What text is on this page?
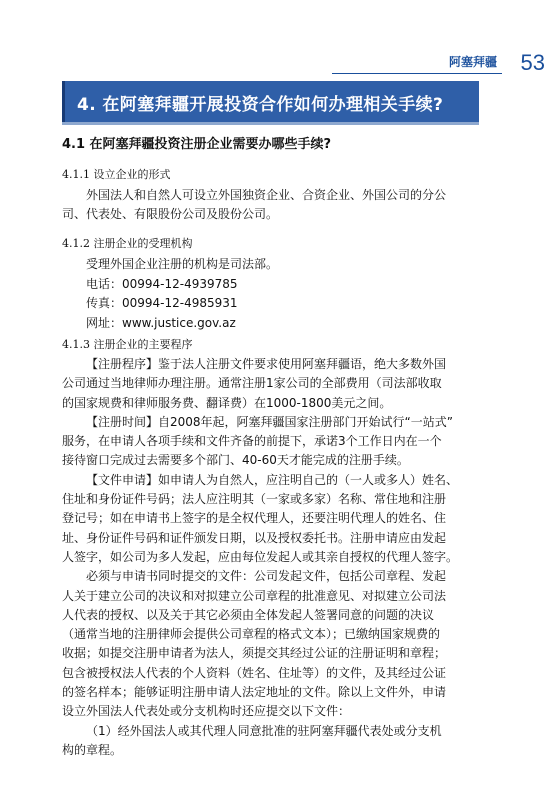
阿塞拜疆 53
4. 在阿塞拜疆开展投资合作如何办理相关手续?
4.1 在阿塞拜疆投资注册企业需要办哪些手续?
4.1.1 设立企业的形式

外国法人和自然人可设立外国独资企业、合资企业、外国公司的分公

司、代表处、有限股份公司及股份公司。

4.1.2 注册企业的受理机构
受理外国企业注册的机构是司法部。
电话：00994-12-4939785
传真：00994-12-4985931
网址：www.justice.gov.az
4.1.3 注册企业的主要程序

【注册程序】鉴于法人注册文件要求使用阿塞拜疆语，绝大多数外国

公司通过当地律师办理注册。通常注册1家公司的全部费用（司法部收取

的国家规费和律师服务费、翻译费）在1000-1800美元之间。

【注册时间】自2008年起，阿塞拜疆国家注册部门开始试行“一站式”

服务，在申请人各项手续和文件齐备的前提下，承诺3个工作日内在一个

接待窗口完成过去需要多个部门、40-60天才能完成的注册手续。

【文件申请】如申请人为自然人，应注明自己的（一人或多人）姓名、

住址和身份证件号码；法人应注明其（一家或多家）名称、常住地和注册

登记号；如在申请书上签字的是全权代理人，还要注明代理人的姓名、住

址、身份证件号码和证件颁发日期，以及授权委托书。注册申请应由发起

人签字，如公司为多人发起，应由每位发起人或其亲自授权的代理人签字。

必须与申请书同时提交的文件：公司发起文件，包括公司章程、发起

人关于建立公司的决议和对拟建立公司章程的批准意见、对拟建立公司法

人代表的授权、以及关于其它必须由全体发起人签署同意的问题的决议

（通常当地的注册律师会提供公司章程的格式文本）；已缴纳国家规费的

收据；如提交注册申请者为法人，须提交其经过公证的注册证明和章程；

包含被授权法人代表的个人资料（姓名、住址等）的文件，及其经过公证

的签名样本；能够证明注册申请人法定地址的文件。除以上文件外，申请

设立外国法人代表处或分支机构时还应提交以下文件：

（1）经外国法人或其代理人同意批准的驻阿塞拜疆代表处或分支机

构的章程。
